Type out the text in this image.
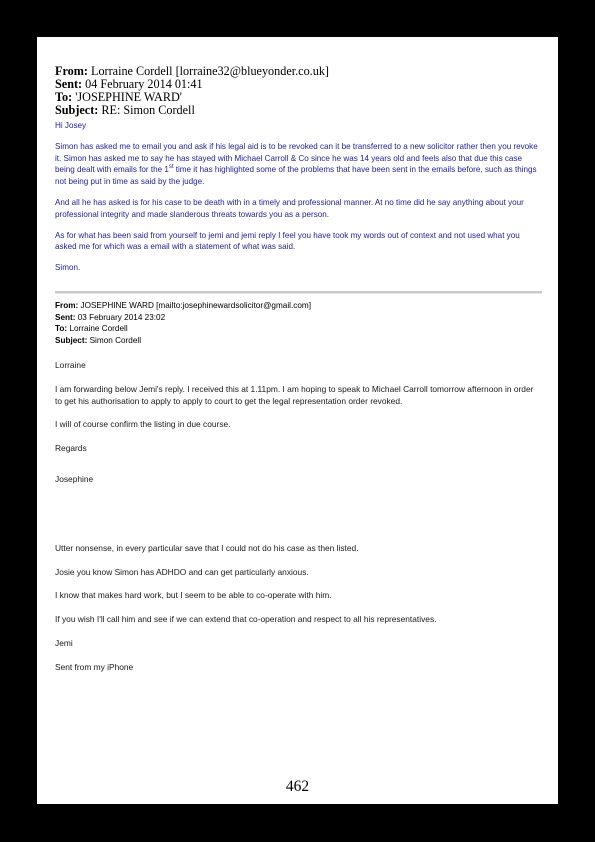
From: Lorraine Cordell [lorraine32@blueyonder.co.uk]
Sent: 04 February 2014 01:41
To: 'JOSEPHINE WARD'
Subject: RE: Simon Cordell

Hi Josey

Simon has asked me to email you and ask if his legal aid is to be revoked can it be transferred to a new solicitor rather then you revoke it. Simon has asked me to say he has stayed with Michael Carroll & Co since he was 14 years old and feels also that due this case being dealt with emails for the 1st time it has highlighted some of the problems that have been sent in the emails before, such as things not being put in time as said by the judge.

And all he has asked is for his case to be death with in a timely and professional manner. At no time did he say anything about your professional integrity and made slanderous threats towards you as a person.

As for what has been said from yourself to jemi and jemi reply I feel you have took my words out of context and not used what you asked me for which was a email with a statement of what was said.

Simon.

From: JOSEPHINE WARD [mailto:josephinewardsolicitor@gmail.com]
Sent: 03 February 2014 23:02
To: Lorraine Cordell
Subject: Simon Cordell

Lorraine

I am forwarding below Jemi's reply. I received this at 1.11pm. I am hoping to speak to Michael Carroll tomorrow afternoon in order to get his authorisation to apply to apply to court to get the legal representation order revoked.

I will of course confirm the listing in due course.

Regards

Josephine

Utter nonsense, in every particular save that I could not do his case as then listed.

Josie you know Simon has ADHDO and can get particularly anxious.

I know that makes hard work, but I seem to be able to co-operate with him.

If you wish I'll call him and see if we can extend that co-operation and respect to all his representatives.

Jemi

Sent from my iPhone

462
